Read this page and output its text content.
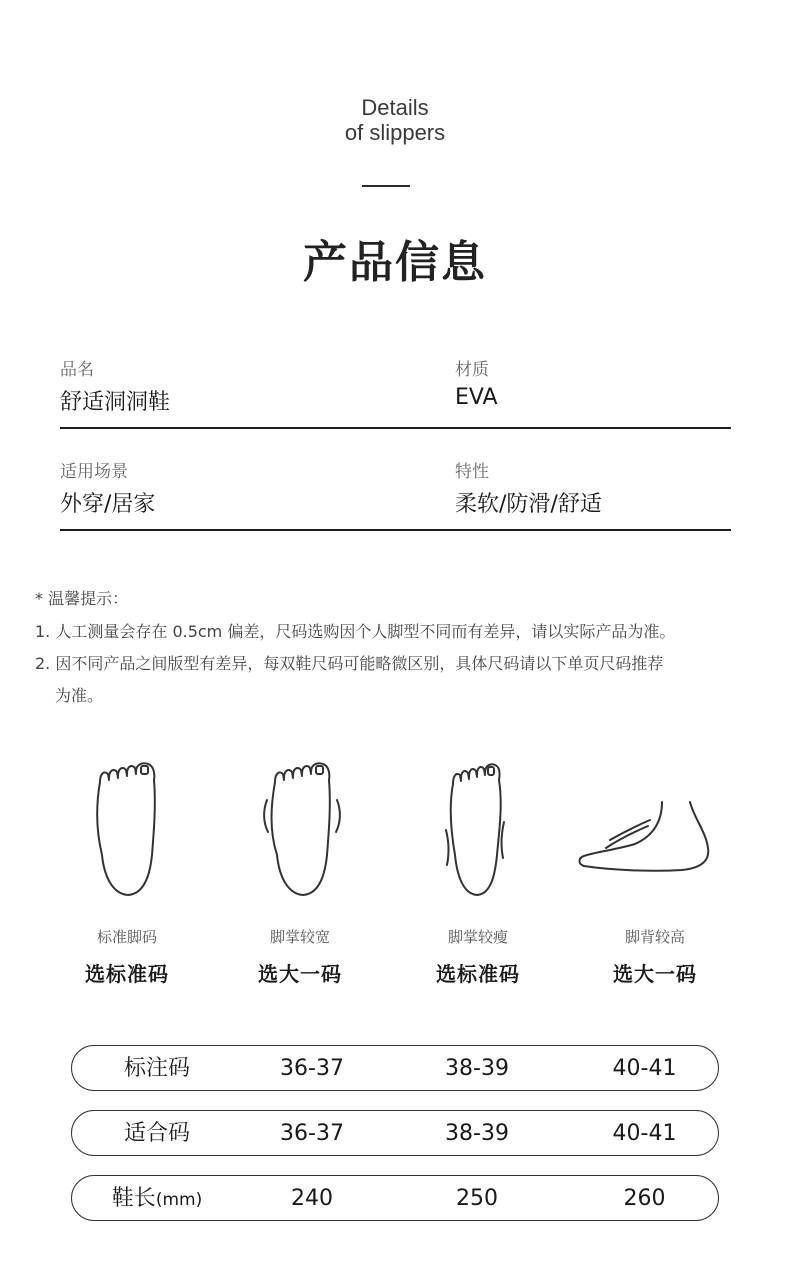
Details
of slippers
产品信息
品名
舒适洞洞鞋
材质
EVA
适用场景
外穿/居家
特性
柔软/防滑/舒适
* 温馨提示：
1. 人工测量会存在 0.5cm 偏差，尺码选购因个人脚型不同而有差异，请以实际产品为准。
2. 因不同产品之间版型有差异，每双鞋尺码可能略微区别，具体尺码请以下单页尺码推荐
为准。
标准脚码	脚掌较宽	脚掌较瘦	脚背较高
选标准码	选大一码	选标准码	选大一码
标注码	36-37	38-39	40-41
适合码	36-37	38-39	40-41
鞋长(mm)	240	250	260
